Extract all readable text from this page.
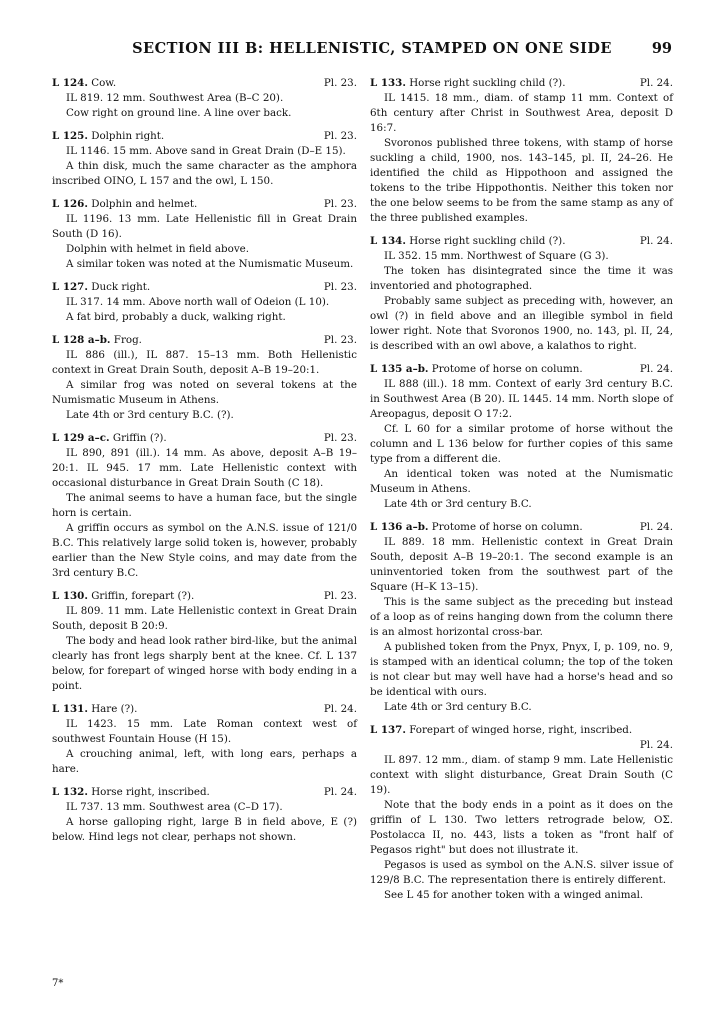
SECTION III B: HELLENISTIC, STAMPED ON ONE SIDE	99
L 124. Cow.	Pl. 23.

IL 819. 12 mm. Southwest Area (B–C 20).

Cow right on ground line. A line over back.

L 125. Dolphin right.	Pl. 23.

IL 1146. 15 mm. Above sand in Great Drain (D–E 15).

A thin disk, much the same character as the amphora inscribed OINO, L 157 and the owl, L 150.

L 126. Dolphin and helmet.	Pl. 23.

IL 1196. 13 mm. Late Hellenistic fill in Great Drain South (D 16).

Dolphin with helmet in field above.

A similar token was noted at the Numismatic Museum.

L 127. Duck right.	Pl. 23.

IL 317. 14 mm. Above north wall of Odeion (L 10).

A fat bird, probably a duck, walking right.

L 128 a–b. Frog.	Pl. 23.

IL 886 (ill.), IL 887. 15–13 mm. Both Hellenistic context in Great Drain South, deposit A–B 19–20:1.

A similar frog was noted on several tokens at the Numismatic Museum in Athens.

Late 4th or 3rd century B.C. (?).

L 129 a–c. Griffin (?).	Pl. 23.

IL 890, 891 (ill.). 14 mm. As above, deposit A–B 19–20:1. IL 945. 17 mm. Late Hellenistic context with occasional disturbance in Great Drain South (C 18).

The animal seems to have a human face, but the single horn is certain.

A griffin occurs as symbol on the A.N.S. issue of 121/0 B.C. This relatively large solid token is, however, probably earlier than the New Style coins, and may date from the 3rd century B.C.

L 130. Griffin, forepart (?).	Pl. 23.

IL 809. 11 mm. Late Hellenistic context in Great Drain South, deposit B 20:9.

The body and head look rather bird-like, but the animal clearly has front legs sharply bent at the knee. Cf. L 137 below, for forepart of winged horse with body ending in a point.

L 131. Hare (?).	Pl. 24.

IL 1423. 15 mm. Late Roman context west of southwest Fountain House (H 15).

A crouching animal, left, with long ears, perhaps a hare.

L 132. Horse right, inscribed.	Pl. 24.

IL 737. 13 mm. Southwest area (C–D 17).

A horse galloping right, large B in field above, E (?) below. Hind legs not clear, perhaps not shown.

L 133. Horse right suckling child (?).	Pl. 24.

IL 1415. 18 mm., diam. of stamp 11 mm. Context of 6th century after Christ in Southwest Area, deposit D 16:7.

Svoronos published three tokens, with stamp of horse suckling a child, 1900, nos. 143–145, pl. II, 24–26. He identified the child as Hippothoon and assigned the tokens to the tribe Hippothontis. Neither this token nor the one below seems to be from the same stamp as any of the three published examples.

L 134. Horse right suckling child (?).	Pl. 24.

IL 352. 15 mm. Northwest of Square (G 3).

The token has disintegrated since the time it was inventoried and photographed.

Probably same subject as preceding with, however, an owl (?) in field above and an illegible symbol in field lower right. Note that Svoronos 1900, no. 143, pl. II, 24, is described with an owl above, a kalathos to right.

L 135 a–b. Protome of horse on column.	Pl. 24.

IL 888 (ill.). 18 mm. Context of early 3rd century B.C. in Southwest Area (B 20). IL 1445. 14 mm. North slope of Areopagus, deposit O 17:2.

Cf. L 60 for a similar protome of horse without the column and L 136 below for further copies of this same type from a different die.

An identical token was noted at the Numismatic Museum in Athens.

Late 4th or 3rd century B.C.

L 136 a–b. Protome of horse on column.	Pl. 24.

IL 889. 18 mm. Hellenistic context in Great Drain South, deposit A–B 19–20:1. The second example is an uninventoried token from the southwest part of the Square (H–K 13–15).

This is the same subject as the preceding but instead of a loop as of reins hanging down from the column there is an almost horizontal cross-bar.

A published token from the Pnyx, Pnyx, I, p. 109, no. 9, is stamped with an identical column; the top of the token is not clear but may well have had a horse's head and so be identical with ours.

Late 4th or 3rd century B.C.

L 137. Forepart of winged horse, right, inscribed.
Pl. 24.

IL 897. 12 mm., diam. of stamp 9 mm. Late Hellenistic context with slight disturbance, Great Drain South (C 19).

Note that the body ends in a point as it does on the griffin of L 130. Two letters retrograde below, OΣ. Postolacca II, no. 443, lists a token as "front half of Pegasos right" but does not illustrate it.

Pegasos is used as symbol on the A.N.S. silver issue of 129/8 B.C. The representation there is entirely different.

See L 45 for another token with a winged animal.

7*
